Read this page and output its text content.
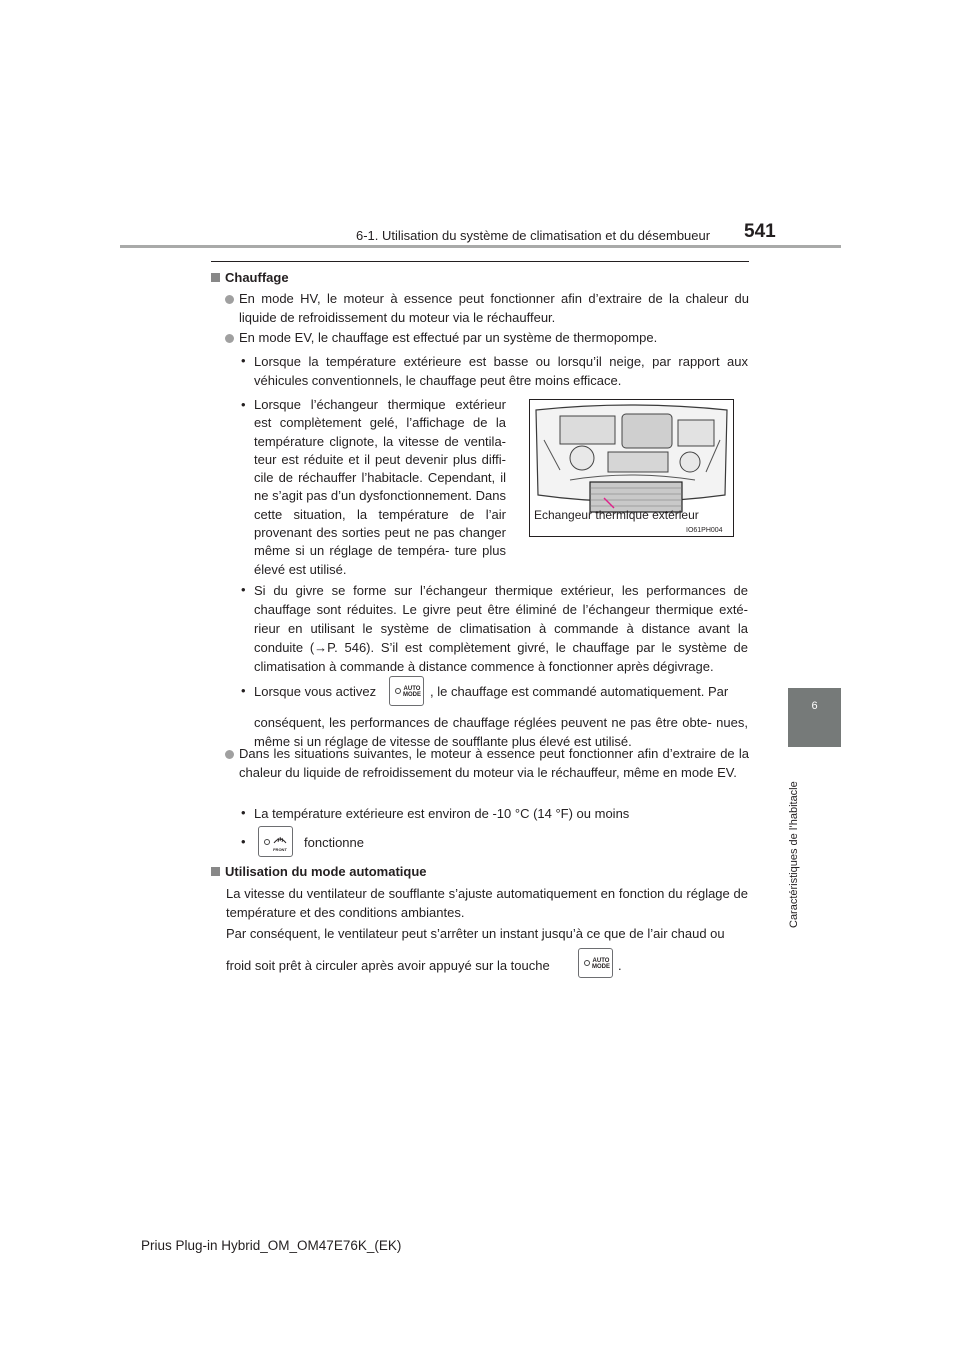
6-1. Utilisation du système de climatisation et du désembueur 541
6
Caractéristiques de l’habitacle

Chauffage

En mode HV, le moteur à essence peut fonctionner afin d’extraire de la chaleur du liquide de refroidissement du moteur via le réchauffeur.

En mode EV, le chauffage est effectué par un système de thermopompe.

• Lorsque la température extérieure est basse ou lorsqu’il neige, par rapport aux véhicules conventionnels, le chauffage peut être moins efficace.

• Lorsque l’échangeur thermique extérieur est complètement gelé, l’affichage de la température clignote, la vitesse de ventila- teur est réduite et il peut devenir plus diffi- cile de réchauffer l’habitacle. Cependant, il ne s’agit pas d’un dysfonctionnement. Dans cette situation, la température de l’air provenant des sorties peut ne pas changer même si un réglage de tempéra- ture plus élevé est utilisé.

Echangeur thermique extérieur
IO61PH004
• Si du givre se forme sur l’échangeur thermique extérieur, les performances de chauffage sont réduites. Le givre peut être éliminé de l’échangeur thermique exté- rieur en utilisant le système de climatisation à commande à distance avant la conduite (→P. 546). S’il est complètement givré, le chauffage par le système de climatisation à commande à distance commence à fonctionner après dégivrage.

• Lorsque vous activez	AUTO
MODE , le chauffage est commandé automatiquement. Par

conséquent, les performances de chauffage réglées peuvent ne pas être obte- nues, même si un réglage de vitesse de soufflante plus élevé est utilisé.

Dans les situations suivantes, le moteur à essence peut fonctionner afin d’extraire de la chaleur du liquide de refroidissement du moteur via le réchauffeur, même en mode EV.

• La température extérieure est environ de -10 °C (14 °F) ou moins

•
FRONT fonctionne

Utilisation du mode automatique

La vitesse du ventilateur de soufflante s’ajuste automatiquement en fonction du réglage de température et des conditions ambiantes.

Par conséquent, le ventilateur peut s’arrêter un instant jusqu’à ce que de l’air chaud ou

froid soit prêt à circuler après avoir appuyé sur la touche	AUTO
MODE .

Prius Plug-in Hybrid_OM_OM47E76K_(EK)
